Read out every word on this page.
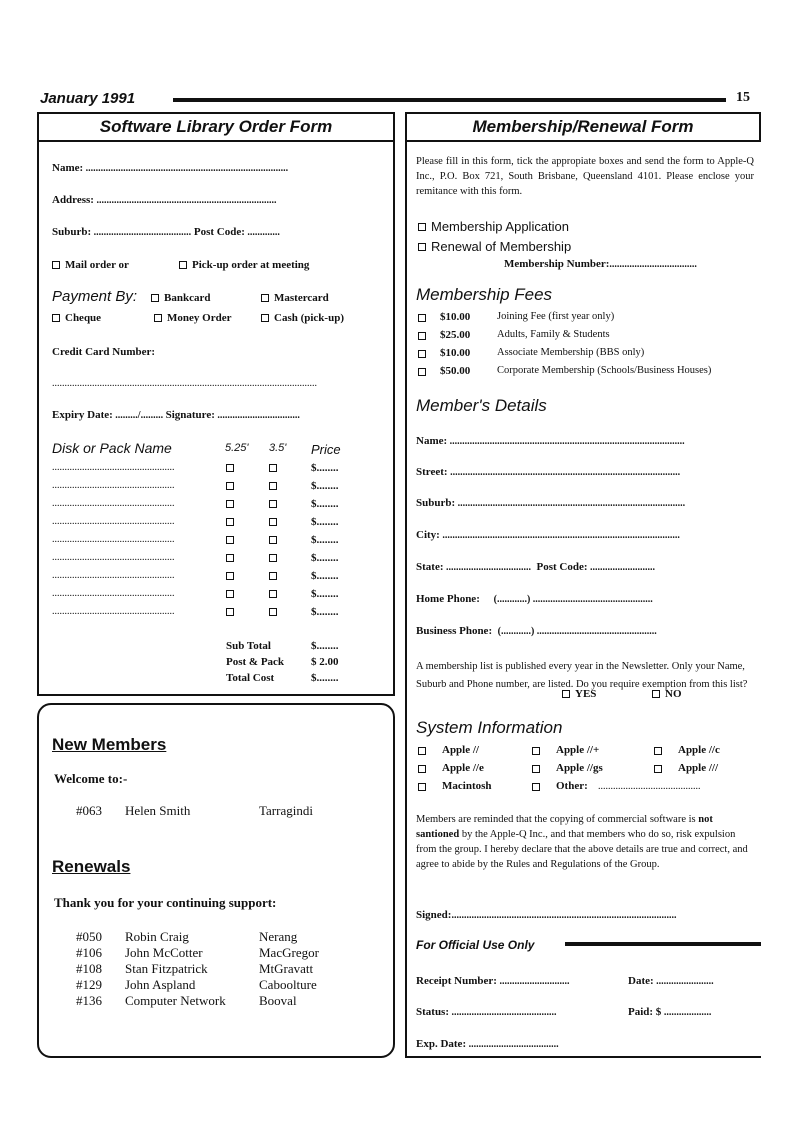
January 1991	15
Software Library Order Form
Name: .................................................................................
Address: ........................................................................
Suburb: ....................................... Post Code: .............
Mail order or	Pick-up order at meeting
Payment By: Bankcard	Mastercard
Cheque	Money Order	Cash (pick-up)
Credit Card Number:
..........................................................................................................
Expiry Date: ........./......... Signature: .................................
Disk or Pack Name	5.25' 3.5' Price
.................................................	$........
.................................................	$........
.................................................	$........
.................................................	$........
.................................................	$........
.................................................	$........
.................................................	$........
.................................................	$........
.................................................	$........
Sub Total	$........
Post & Pack $ 2.00
Total Cost	$........
New Members
Welcome to:-
#063 Helen Smith	Tarragindi
Renewals
Thank you for your continuing support:
#050 Robin Craig	Nerang
#106 John McCotter	MacGregor
#108 Stan Fitzpatrick	MtGravatt
#129 John Aspland	Caboolture
#136 Computer Network	Booval
Membership/Renewal Form
Please fill in this form, tick the appropiate boxes and send the form to Apple-Q Inc., P.O. Box 721, South Brisbane, Queensland 4101. Please enclose your remitance with this form.
Membership Application
Renewal of Membership
Membership Number:...................................
Membership Fees
$10.00	Joining Fee (first year only)
$25.00	Adults, Family & Students
$10.00	Associate Membership (BBS only)
$50.00	Corporate Membership (Schools/Business Houses)
Member's Details
Name: ..............................................................................................
Street: ............................................................................................
Suburb: ...........................................................................................
City: ...............................................................................................
State: .................................. Post Code: ..........................
Home Phone: (............) ................................................
Business Phone: (............) ................................................
A membership list is published every year in the Newsletter. Only your Name, Suburb and Phone number, are listed. Do you require exemption from this list?
YES	NO
System Information
Apple //	Apple //+	Apple //c
Apple //e	Apple //gs	Apple ///
Macintosh	Other: .........................................
Members are reminded that the copying of commercial software is not santioned by the Apple-Q Inc., and that members who do so, risk expulsion from the group. I hereby declare that the above details are true and correct, and agree to abide by the Rules and Regulations of the Group.
Signed:..........................................................................................
For Official Use Only
Receipt Number: ............................	Date: .......................
Status: ..........................................	Paid: $ ...................
Exp. Date: ....................................
